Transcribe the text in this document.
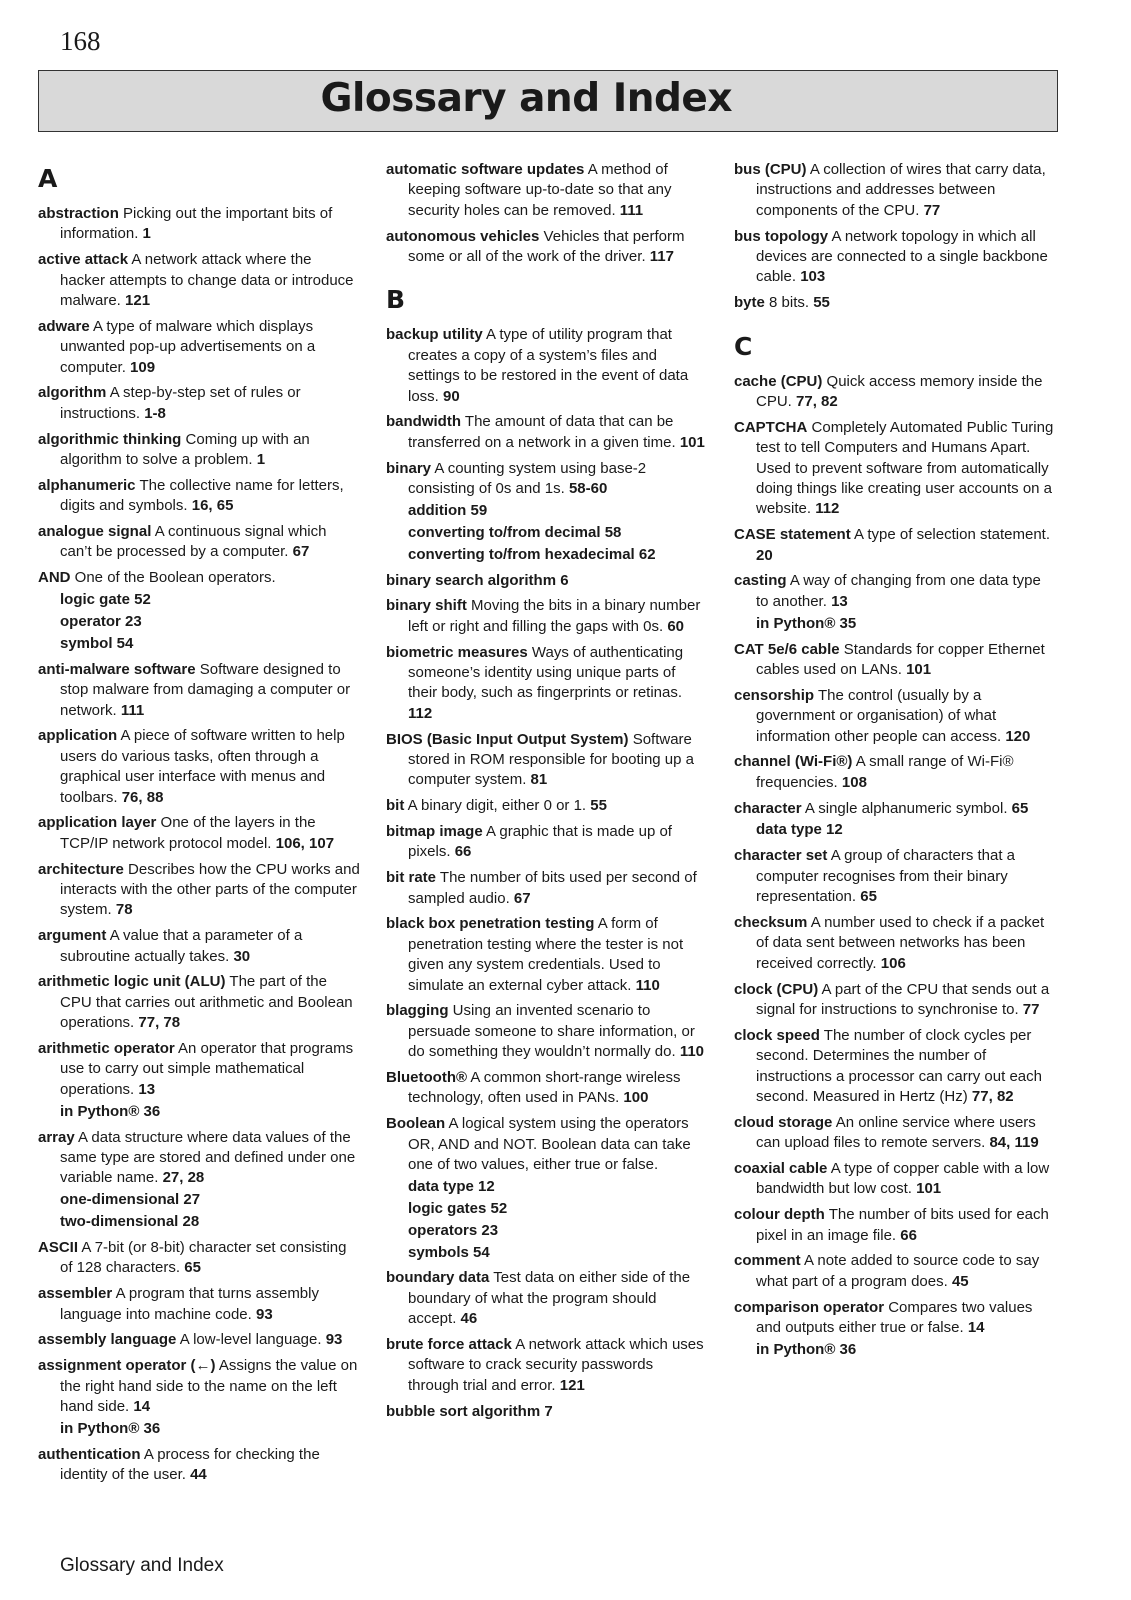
168
Glossary and Index
A
abstraction Picking out the important bits of information. 1
active attack A network attack where the hacker attempts to change data or introduce malware. 121
adware A type of malware which displays unwanted pop-up advertisements on a computer. 109
algorithm A step-by-step set of rules or instructions. 1-8
algorithmic thinking Coming up with an algorithm to solve a problem. 1
alphanumeric The collective name for letters, digits and symbols. 16, 65
analogue signal A continuous signal which can’t be processed by a computer. 67
AND One of the Boolean operators.
logic gate 52
operator 23
symbol 54
anti-malware software Software designed to stop malware from damaging a computer or network. 111
application A piece of software written to help users do various tasks, often through a graphical user interface with menus and toolbars. 76, 88
application layer One of the layers in the TCP/IP network protocol model. 106, 107
architecture Describes how the CPU works and interacts with the other parts of the computer system. 78
argument A value that a parameter of a subroutine actually takes. 30
arithmetic logic unit (ALU) The part of the CPU that carries out arithmetic and Boolean operations. 77, 78
arithmetic operator An operator that programs use to carry out simple mathematical operations. 13
in Python® 36
array A data structure where data values of the same type are stored and defined under one variable name. 27, 28
one-dimensional 27
two-dimensional 28
ASCII A 7-bit (or 8-bit) character set consisting of 128 characters. 65
assembler A program that turns assembly language into machine code. 93
assembly language A low-level language. 93
assignment operator (←) Assigns the value on the right hand side to the name on the left hand side. 14
in Python® 36
authentication A process for checking the identity of the user. 44
automatic software updates A method of keeping software up-to-date so that any security holes can be removed. 111
autonomous vehicles Vehicles that perform some or all of the work of the driver. 117
B
backup utility A type of utility program that creates a copy of a system’s files and settings to be restored in the event of data loss. 90
bandwidth The amount of data that can be transferred on a network in a given time. 101
binary A counting system using base-2 consisting of 0s and 1s. 58-60
addition 59
converting to/from decimal 58
converting to/from hexadecimal 62
binary search algorithm 6
binary shift Moving the bits in a binary number left or right and filling the gaps with 0s. 60
biometric measures Ways of authenticating someone’s identity using unique parts of their body, such as fingerprints or retinas. 112
BIOS (Basic Input Output System) Software stored in ROM responsible for booting up a computer system. 81
bit A binary digit, either 0 or 1. 55
bitmap image A graphic that is made up of pixels. 66
bit rate The number of bits used per second of sampled audio. 67
black box penetration testing A form of penetration testing where the tester is not given any system credentials. Used to simulate an external cyber attack. 110
blagging Using an invented scenario to persuade someone to share information, or do something they wouldn’t normally do. 110
Bluetooth® A common short-range wireless technology, often used in PANs. 100
Boolean A logical system using the operators OR, AND and NOT. Boolean data can take one of two values, either true or false.
data type 12
logic gates 52
operators 23
symbols 54
boundary data Test data on either side of the boundary of what the program should accept. 46
brute force attack A network attack which uses software to crack security passwords through trial and error. 121
bubble sort algorithm 7
bus (CPU) A collection of wires that carry data, instructions and addresses between components of the CPU. 77
bus topology A network topology in which all devices are connected to a single backbone cable. 103
byte 8 bits. 55
C
cache (CPU) Quick access memory inside the CPU. 77, 82
CAPTCHA Completely Automated Public Turing test to tell Computers and Humans Apart. Used to prevent software from automatically doing things like creating user accounts on a website. 112
CASE statement A type of selection statement. 20
casting A way of changing from one data type to another. 13
in Python® 35
CAT 5e/6 cable Standards for copper Ethernet cables used on LANs. 101
censorship The control (usually by a government or organisation) of what information other people can access. 120
channel (Wi-Fi®) A small range of Wi-Fi® frequencies. 108
character A single alphanumeric symbol. 65
data type 12
character set A group of characters that a computer recognises from their binary representation. 65
checksum A number used to check if a packet of data sent between networks has been received correctly. 106
clock (CPU) A part of the CPU that sends out a signal for instructions to synchronise to. 77
clock speed The number of clock cycles per second. Determines the number of instructions a processor can carry out each second. Measured in Hertz (Hz) 77, 82
cloud storage An online service where users can upload files to remote servers. 84, 119
coaxial cable A type of copper cable with a low bandwidth but low cost. 101
colour depth The number of bits used for each pixel in an image file. 66
comment A note added to source code to say what part of a program does. 45
comparison operator Compares two values and outputs either true or false. 14
in Python® 36
Glossary and Index
